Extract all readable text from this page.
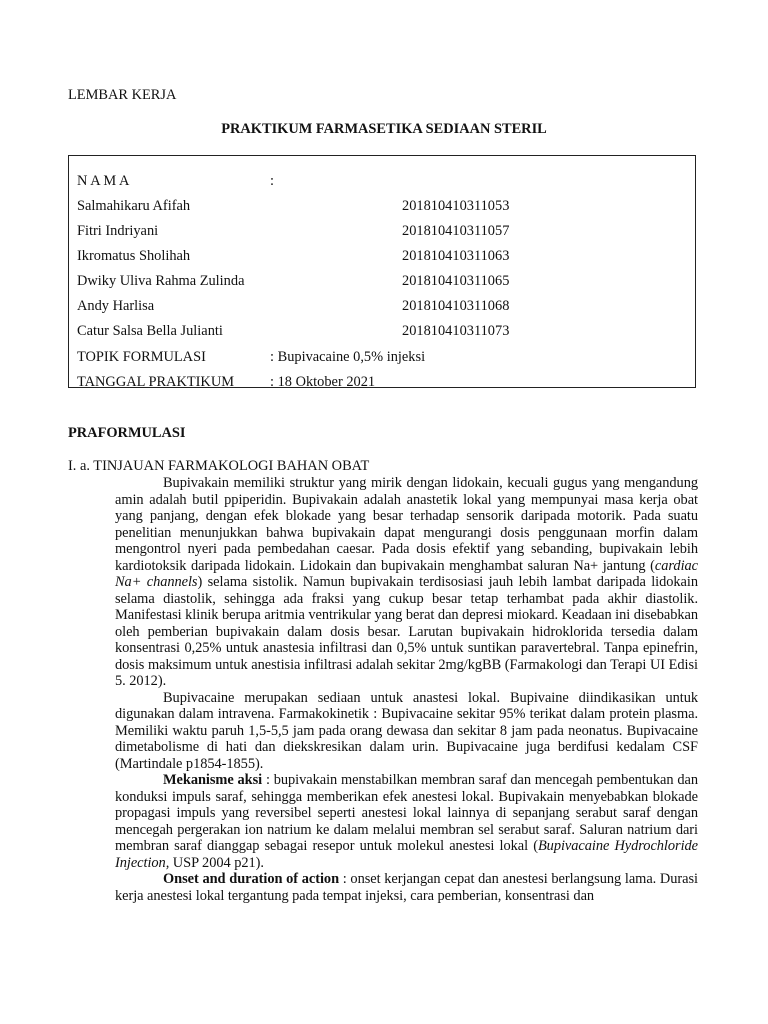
LEMBAR KERJA
PRAKTIKUM FARMASETIKA SEDIAAN STERIL
N A M A	:
Salmahikaru Afifah	201810410311053
Fitri Indriyani	201810410311057
Ikromatus Sholihah	201810410311063
Dwiky Uliva Rahma Zulinda	201810410311065
Andy Harlisa	201810410311068
Catur Salsa Bella Julianti	201810410311073
TOPIK FORMULASI	: Bupivacaine 0,5% injeksi
TANGGAL PRAKTIKUM : 18 Oktober 2021
PRAFORMULASI
I. a. TINJAUAN FARMAKOLOGI BAHAN OBAT

Bupivakain memiliki struktur yang mirik dengan lidokain, kecuali gugus yang mengandung amin adalah butil ppiperidin. Bupivakain adalah anastetik lokal yang mempunyai masa kerja obat yang panjang, dengan efek blokade yang besar terhadap sensorik daripada motorik. Pada suatu penelitian menunjukkan bahwa bupivakain dapat mengurangi dosis penggunaan morfin dalam mengontrol nyeri pada pembedahan caesar. Pada dosis efektif yang sebanding, bupivakain lebih kardiotoksik daripada lidokain. Lidokain dan bupivakain menghambat saluran Na+ jantung (cardiac Na+ channels) selama sistolik. Namun bupivakain terdisosiasi jauh lebih lambat daripada lidokain selama diastolik, sehingga ada fraksi yang cukup besar tetap terhambat pada akhir diastolik. Manifestasi klinik berupa aritmia ventrikular yang berat dan depresi miokard. Keadaan ini disebabkan oleh pemberian bupivakain dalam dosis besar. Larutan bupivakain hidroklorida tersedia dalam konsentrasi 0,25% untuk anastesia infiltrasi dan 0,5% untuk suntikan paravertebral. Tanpa epinefrin, dosis maksimum untuk anestisia infiltrasi adalah sekitar 2mg/kgBB (Farmakologi dan Terapi UI Edisi 5. 2012).

Bupivacaine merupakan sediaan untuk anastesi lokal. Bupivaine diindikasikan untuk digunakan dalam intravena. Farmakokinetik : Bupivacaine sekitar 95% terikat dalam protein plasma. Memiliki waktu paruh 1,5-5,5 jam pada orang dewasa dan sekitar 8 jam pada neonatus. Bupivacaine dimetabolisme di hati dan diekskresikan dalam urin. Bupivacaine juga berdifusi kedalam CSF (Martindale p1854-1855).

Mekanisme aksi : bupivakain menstabilkan membran saraf dan mencegah pembentukan dan konduksi impuls saraf, sehingga memberikan efek anestesi lokal. Bupivakain menyebabkan blokade propagasi impuls yang reversibel seperti anestesi lokal lainnya di sepanjang serabut saraf dengan mencegah pergerakan ion natrium ke dalam melalui membran sel serabut saraf. Saluran natrium dari membran saraf dianggap sebagai resepor untuk molekul anestesi lokal (Bupivacaine Hydrochloride Injection, USP 2004 p21).

Onset and duration of action : onset kerjangan cepat dan anestesi berlangsung lama. Durasi kerja anestesi lokal tergantung pada tempat injeksi, cara pemberian, konsentrasi dan
